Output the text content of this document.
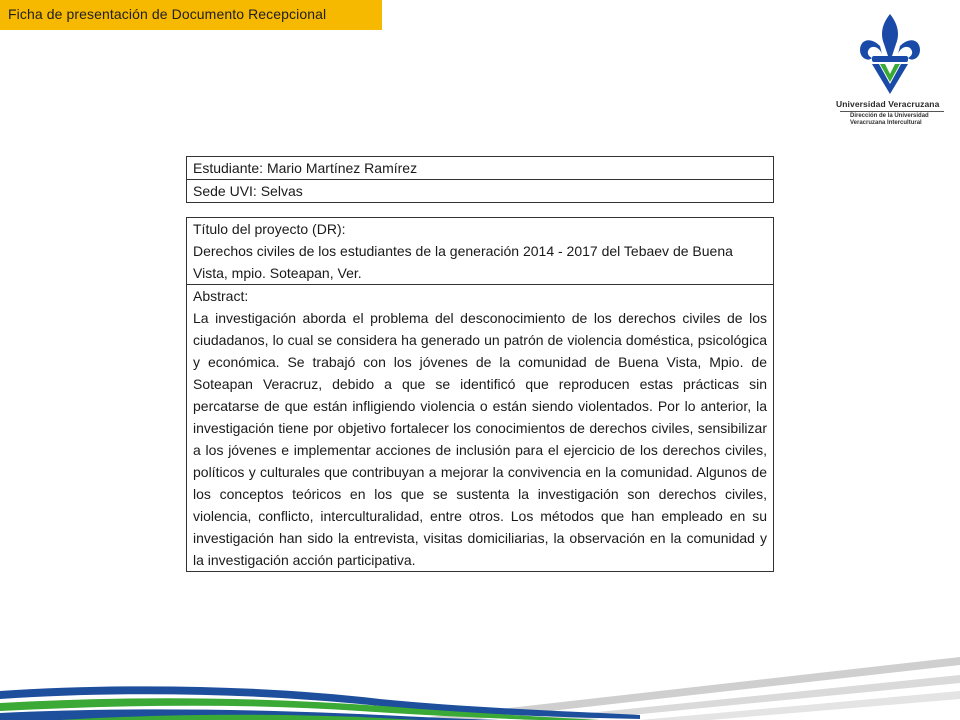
Ficha de presentación de Documento Recepcional
Universidad Veracruzana
Dirección de la Universidad
Veracruzana Intercultural
Estudiante: Mario Martínez Ramírez
Sede UVI: Selvas
Título del proyecto (DR):
Derechos civiles de los estudiantes de la generación 2014 - 2017 del Tebaev de Buena Vista, mpio. Soteapan, Ver.
Abstract:
La investigación aborda el problema del desconocimiento de los derechos civiles de los ciudadanos, lo cual se considera ha generado un patrón de violencia doméstica, psicológica y económica. Se trabajó con los jóvenes de la comunidad de Buena Vista, Mpio. de Soteapan Veracruz, debido a que se identificó que reproducen estas prácticas sin percatarse de que están infligiendo violencia o están siendo violentados. Por lo anterior, la investigación tiene por objetivo fortalecer los conocimientos de derechos civiles, sensibilizar a los jóvenes e implementar acciones de inclusión para el ejercicio de los derechos civiles, políticos y culturales que contribuyan a mejorar la convivencia en la comunidad. Algunos de los conceptos teóricos en los que se sustenta la investigación son derechos civiles, violencia, conflicto, interculturalidad, entre otros. Los métodos que han empleado en su investigación han sido la entrevista, visitas domiciliarias, la observación en la comunidad y la investigación acción participativa.
